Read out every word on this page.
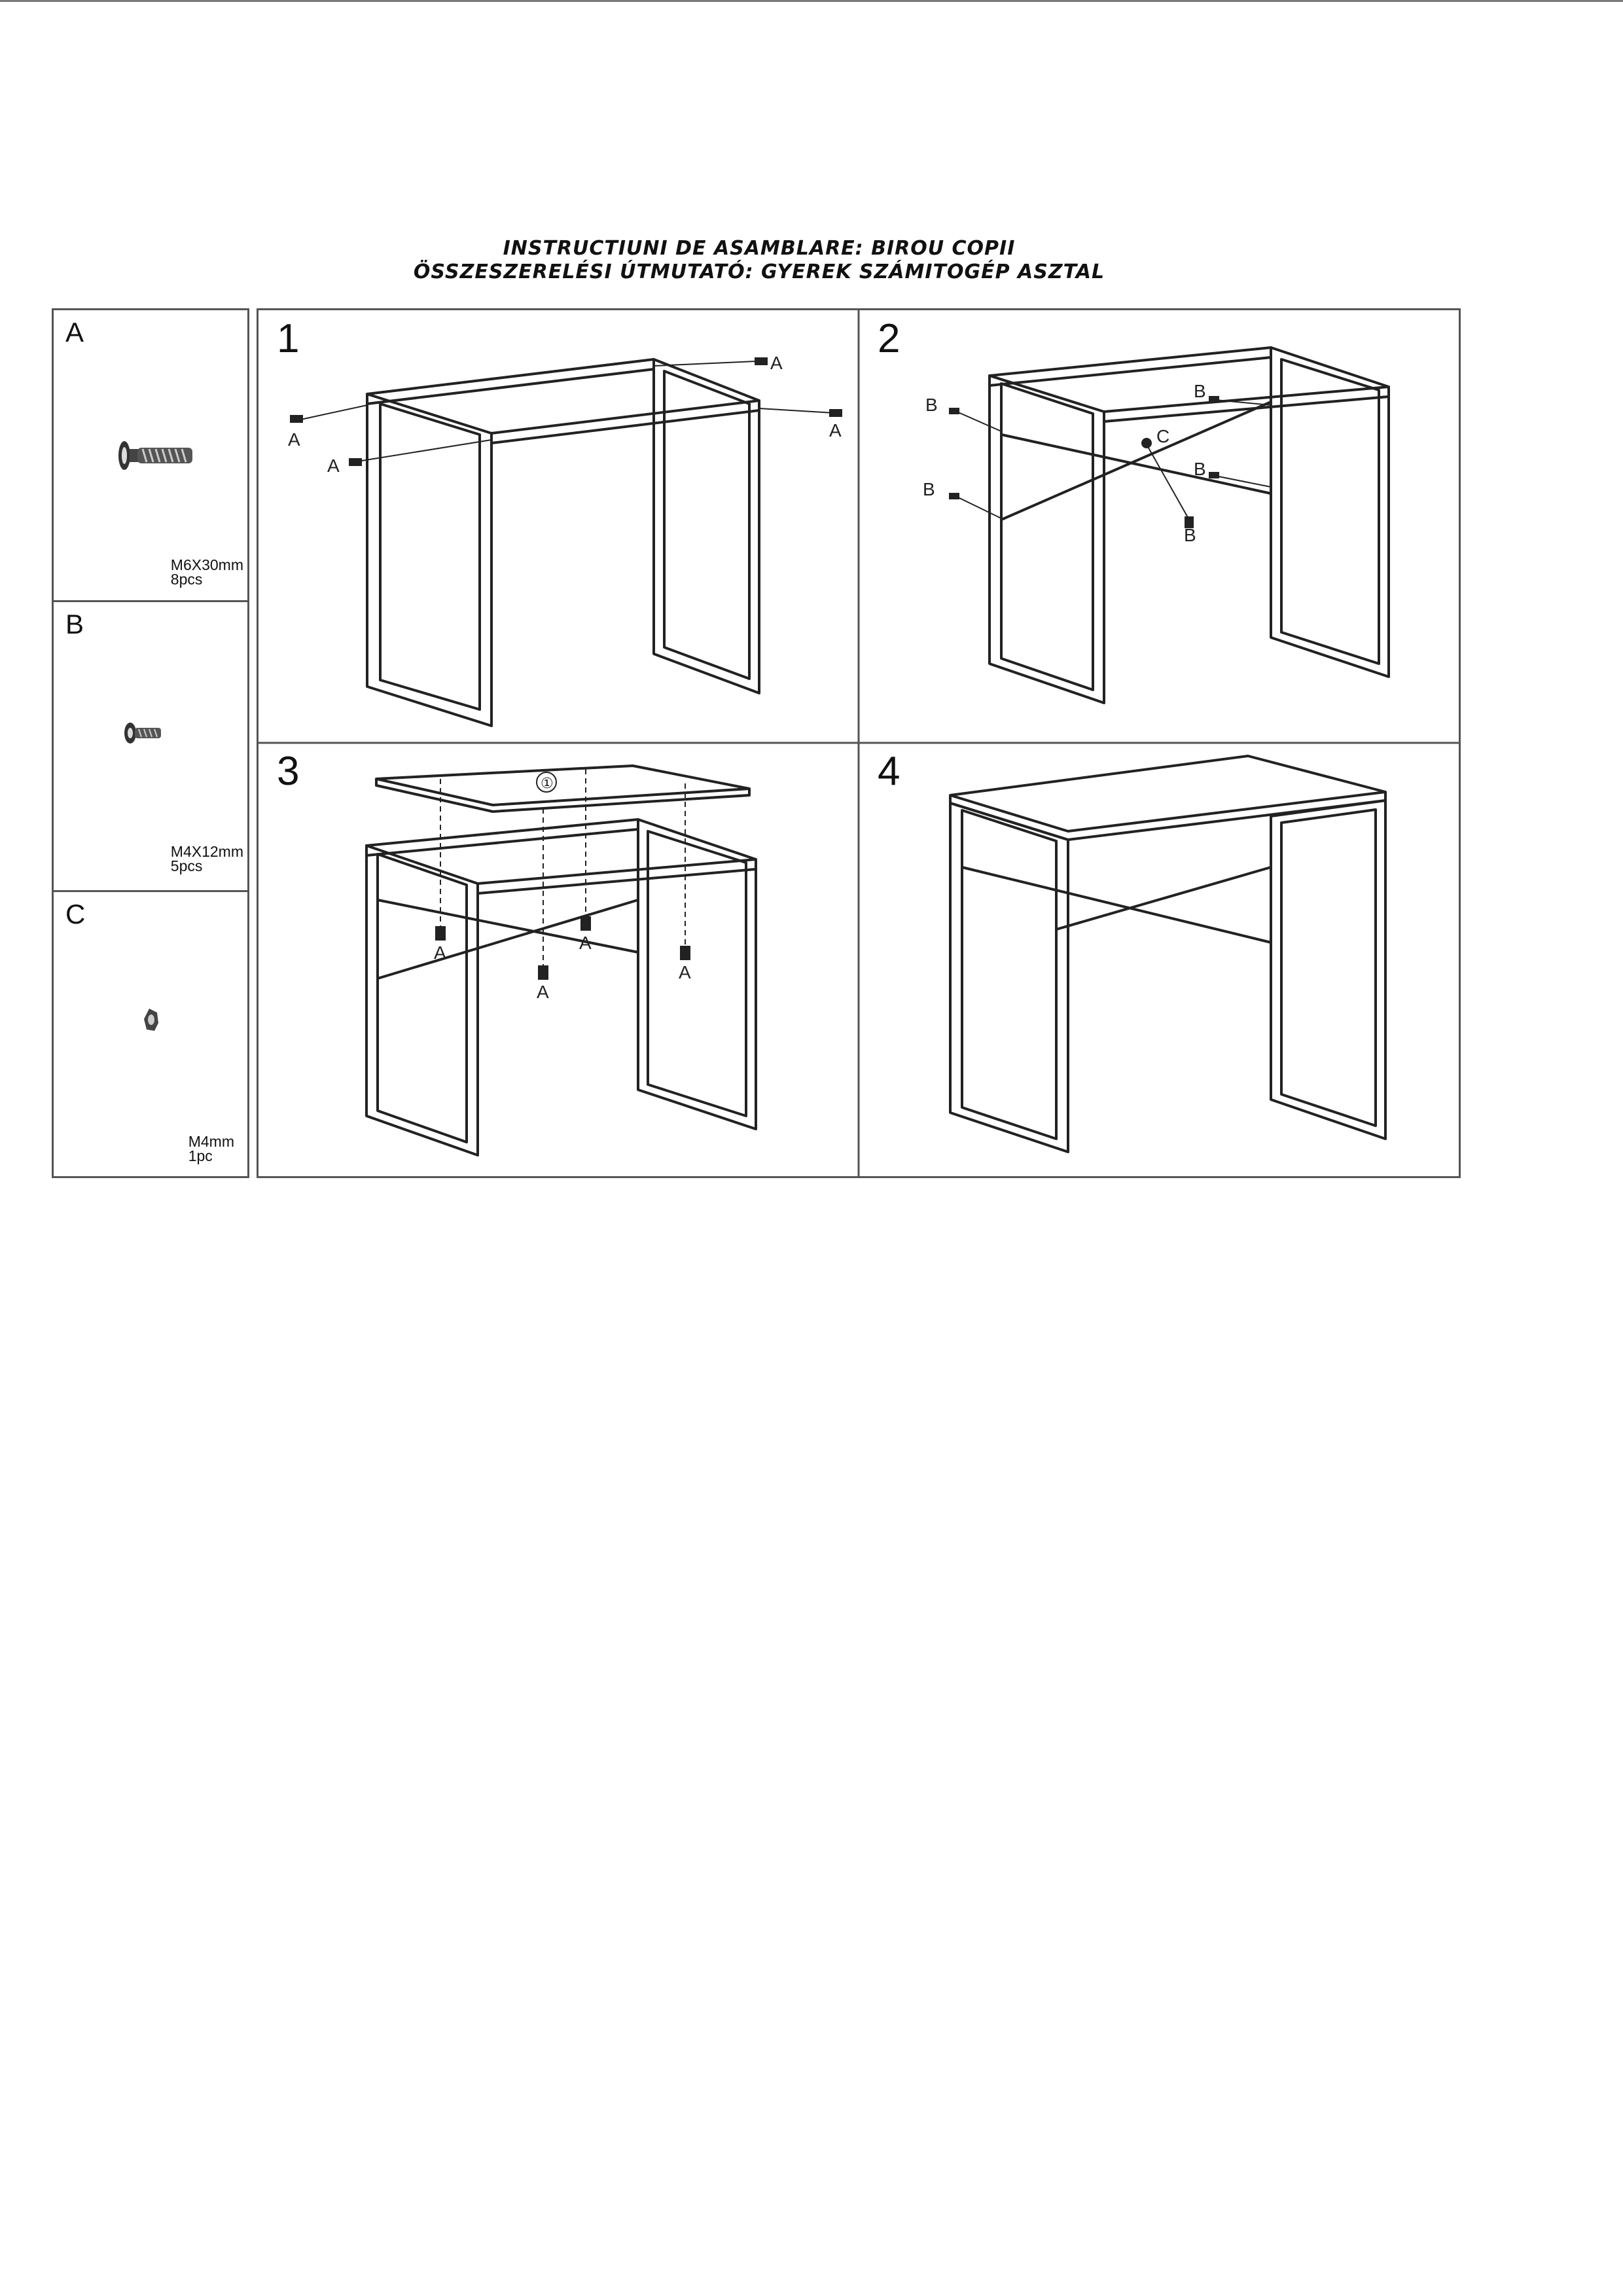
INSTRUCTIUNI DE ASAMBLARE: BIROU COPII
ÖSSZESZERELÉSI ÚTMUTATÓ: GYEREK SZÁMITOGÉP ASZTAL
A
M6X30mm
8pcs
B
M4X12mm
5pcs
C
M4mm
1pc
1
A
A
A
A
2
B
B
B
B
B
C
3	①
A
A
A
A
4
